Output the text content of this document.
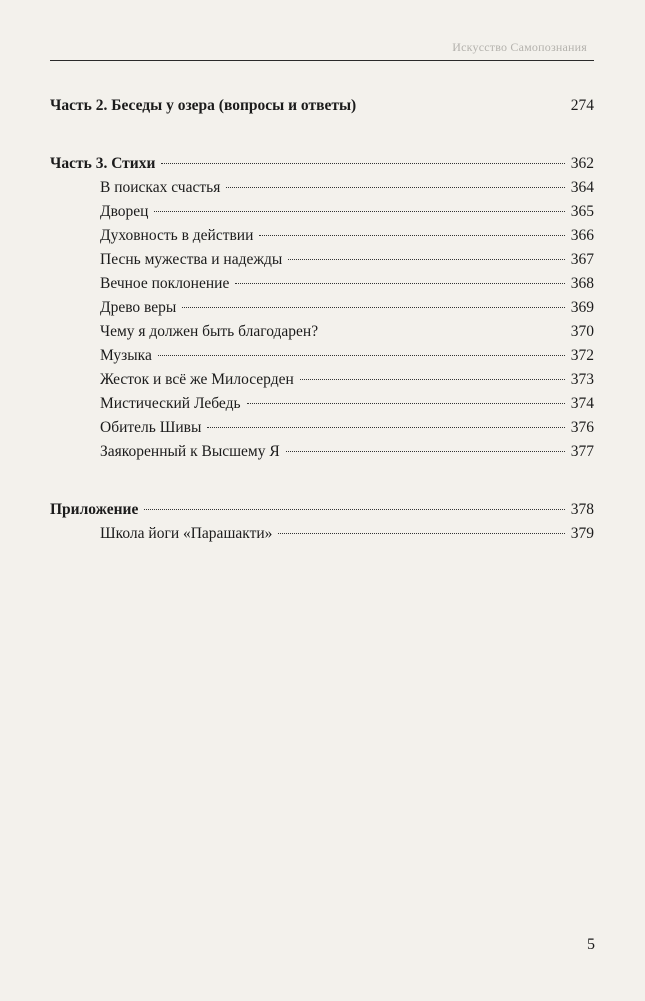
Искусство Самопознания
Часть 2. Беседы у озера (вопросы и ответы)	274
Часть 3. Стихи	362
В поисках счастья	364
Дворец	365
Духовность в действии	366
Песнь мужества и надежды	367
Вечное поклонение	368
Древо веры	369
Чему я должен быть благодарен?	370
Музыка	372
Жесток и всё же Милосерден	373
Мистический Лебедь	374
Обитель Шивы	376
Заякоренный к Высшему Я	377
Приложение	378
Школа йоги «Парашакти»	379
5
